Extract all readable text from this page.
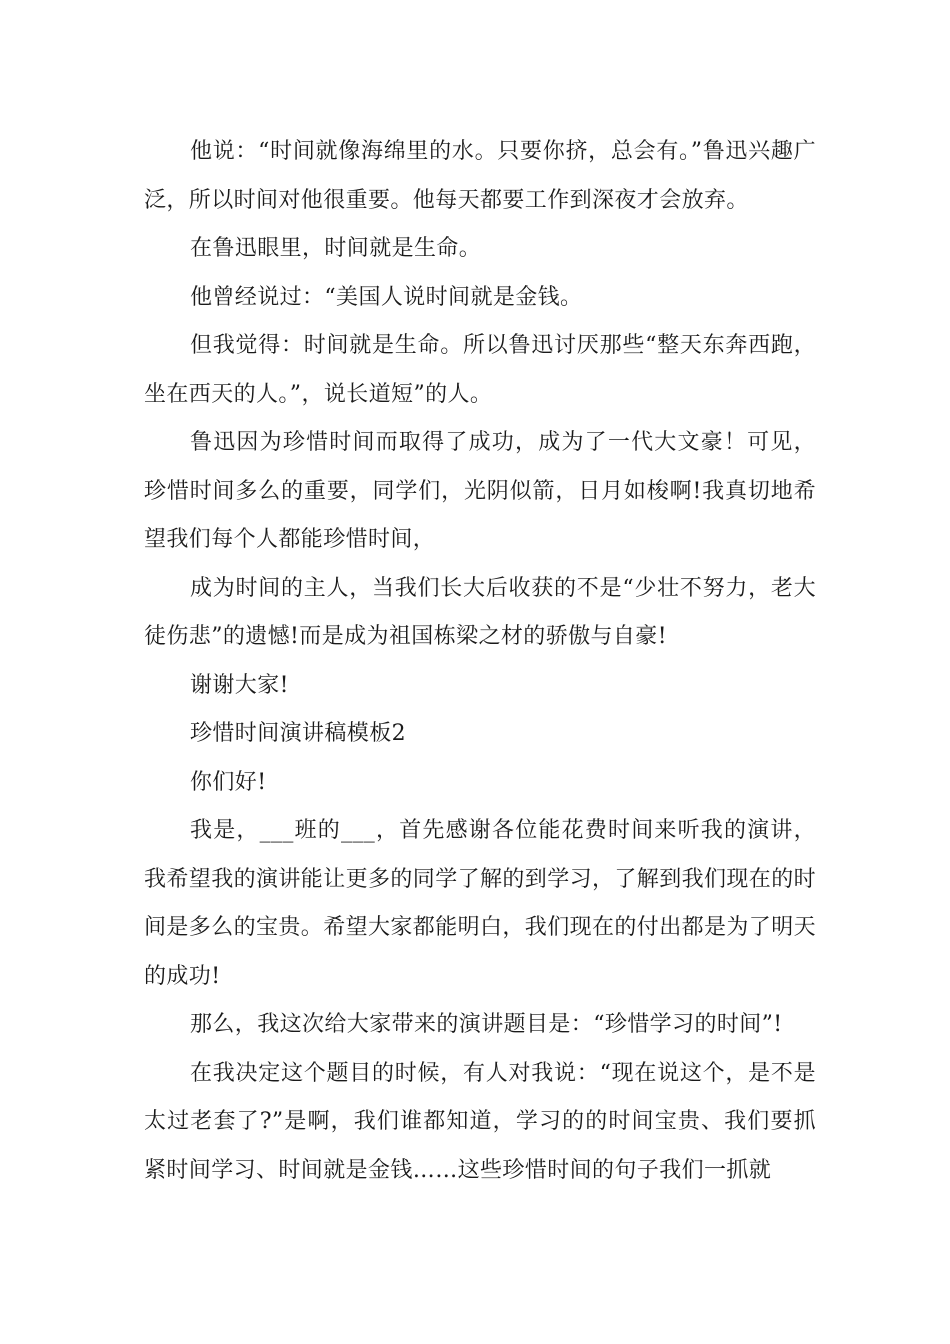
他说：“时间就像海绵里的水。只要你挤，总会有。”鲁迅兴趣广泛，所以时间对他很重要。他每天都要工作到深夜才会放弃。

在鲁迅眼里，时间就是生命。

他曾经说过：“美国人说时间就是金钱。

但我觉得：时间就是生命。所以鲁迅讨厌那些“整天东奔西跑，坐在西天的人。”，说长道短”的人。

鲁迅因为珍惜时间而取得了成功，成为了一代大文豪！可见，珍惜时间多么的重要，同学们，光阴似箭，日月如梭啊!我真切地希望我们每个人都能珍惜时间，

成为时间的主人，当我们长大后收获的不是“少壮不努力，老大徒伤悲”的遗憾!而是成为祖国栋梁之材的骄傲与自豪!

谢谢大家!

珍惜时间演讲稿模板2

你们好!

我是，___班的___，首先感谢各位能花费时间来听我的演讲，我希望我的演讲能让更多的同学了解的到学习，了解到我们现在的时间是多么的宝贵。希望大家都能明白，我们现在的付出都是为了明天的成功!

那么，我这次给大家带来的演讲题目是：“珍惜学习的时间”!

在我决定这个题目的时候，有人对我说：“现在说这个，是不是太过老套了?”是啊，我们谁都知道，学习的的时间宝贵、我们要抓紧时间学习、时间就是金钱……这些珍惜时间的句子我们一抓就
